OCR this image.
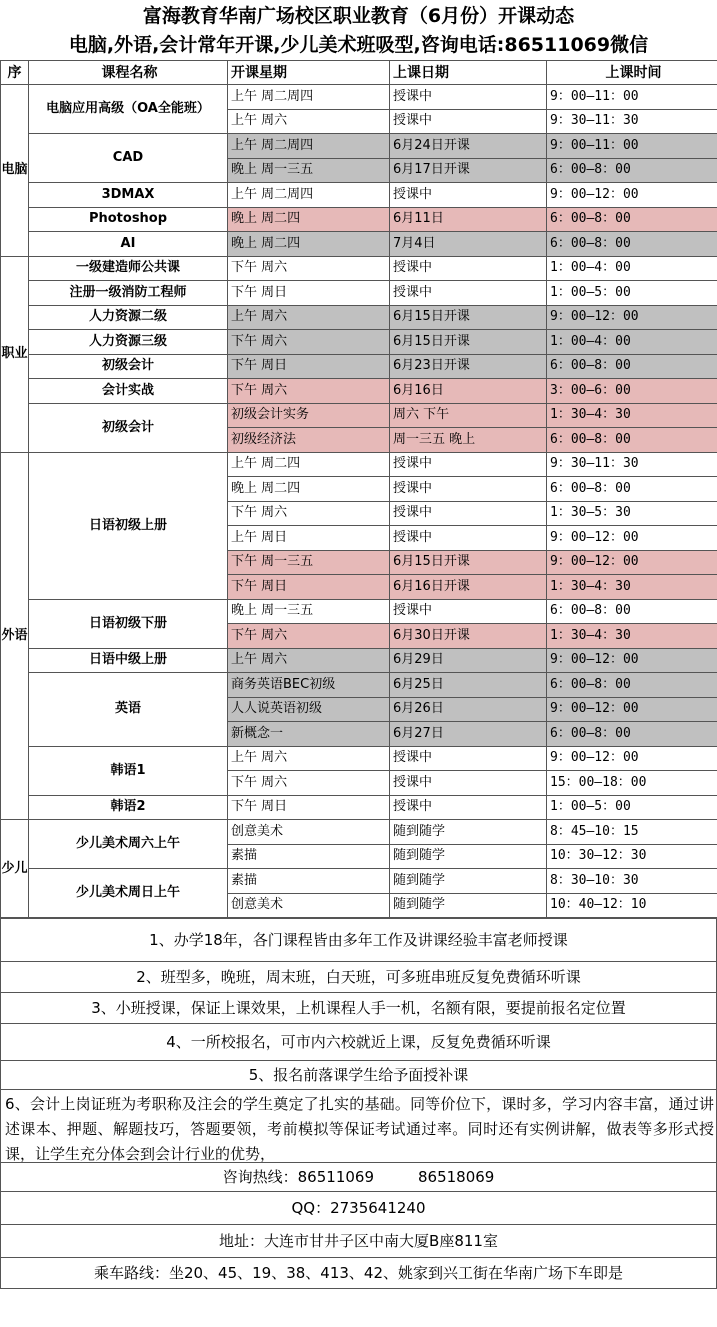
富海教育华南广场校区职业教育（6月份）开课动态
电脑,外语,会计常年开课,少儿美术班吸型,咨询电话:86511069微信
序	课程名称	开课星期	上课日期	上课时间
电脑	电脑应用高级（OA全能班）	上午 周二周四	授课中	9：00—11：00
		上午 周六	授课中	9：30—11：30
	CAD	上午 周二周四	6月24日开课	9：00—11：00
		晚上 周一三五	6月17日开课	6：00—8：00
	3DMAX	上午 周二周四	授课中	9：00—12：00
	Photoshop	晚上 周二四	6月11日	6：00—8：00
	AI	晚上 周二四	7月4日	6：00—8：00
职业	一级建造师公共课	下午 周六	授课中	1：00—4：00
	注册一级消防工程师	下午 周日	授课中	1：00—5：00
	人力资源二级	上午 周六	6月15日开课	9：00—12：00
	人力资源三级	下午 周六	6月15日开课	1：00—4：00
	初级会计	下午 周日	6月23日开课	6：00—8：00
	会计实战	下午 周六	6月16日	3：00—6：00
	初级会计	初级会计实务	周六 下午	1：30—4：30
		初级经济法	周一三五 晚上	6：00—8：00
外语	日语初级上册	上午 周二四	授课中	9：30—11：30
		晚上 周二四	授课中	6：00—8：00
		下午 周六	授课中	1：30—5：30
		上午 周日	授课中	9：00—12：00
		下午 周一三五	6月15日开课	9：00—12：00
		下午 周日	6月16日开课	1：30—4：30
	日语初级下册	晚上 周一三五	授课中	6：00—8：00
		下午 周六	6月30日开课	1：30—4：30
	日语中级上册	上午 周六	6月29日	9：00—12：00
	英语	商务英语BEC初级	6月25日	6：00—8：00
		人人说英语初级	6月26日	9：00—12：00
		新概念一	6月27日	6：00—8：00
	韩语1	上午 周六	授课中	9：00—12：00
		下午 周六	授课中	15：00—18：00
	韩语2	下午 周日	授课中	1：00—5：00
少儿	少儿美术周六上午	创意美术	随到随学	8：45—10：15
		素描	随到随学	10：30—12：30
	少儿美术周日上午	素描	随到随学	8：30—10：30
		创意美术	随到随学	10：40—12：10
1、办学18年，各门课程皆由多年工作及讲课经验丰富老师授课
2、班型多，晚班，周末班，白天班，可多班串班反复免费循环听课
3、小班授课，保证上课效果，上机课程人手一机，名额有限，要提前报名定位置
4、一所校报名，可市内六校就近上课，反复免费循环听课
5、报名前落课学生给予面授补课
6、会计上岗证班为考职称及注会的学生奠定了扎实的基础。同等价位下，课时多，学习内容丰富，通过讲述课本、押题、解题技巧，答题要领，考前模拟等保证考试通过率。同时还有实例讲解，做表等多形式授课，让学生充分体会到会计行业的优势，
咨询热线：86511069	86518069
QQ：2735641240
地址：大连市甘井子区中南大厦B座811室
乘车路线：坐20、45、19、38、413、42、姚家到兴工街在华南广场下车即是
